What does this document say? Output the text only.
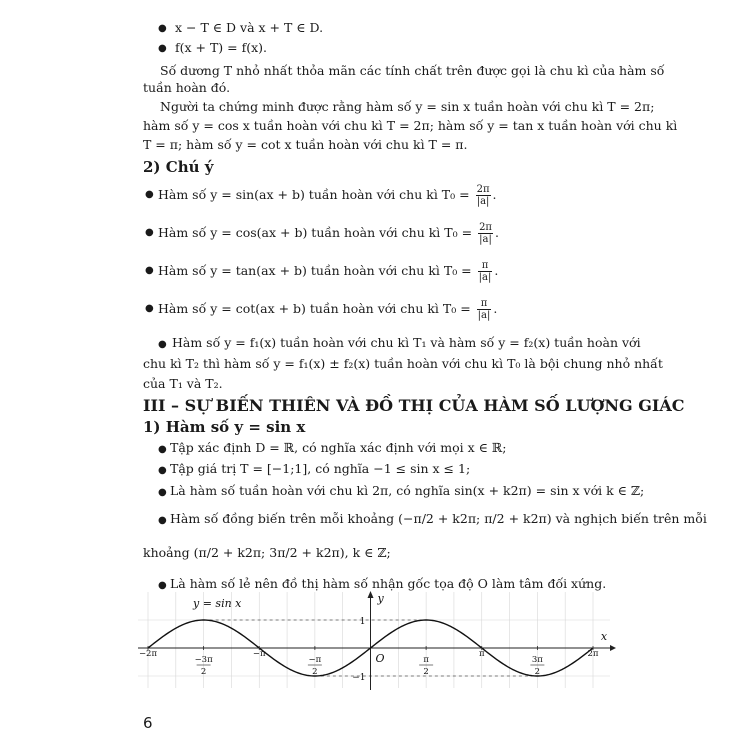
● x − T ∈ D và x + T ∈ D.
● f(x + T) = f(x).
Số dương T nhỏ nhất thỏa mãn các tính chất trên được gọi là chu kì của hàm số
tuần hoàn đó.
Người ta chứng minh được rằng hàm số y = sin x tuần hoàn với chu kì T = 2π;
hàm số y = cos x tuần hoàn với chu kì T = 2π; hàm số y = tan x tuần hoàn với chu kì
T = π; hàm số y = cot x tuần hoàn với chu kì T = π.
2) Chú ý
● Hàm số y = sin(ax + b) tuần hoàn với chu kì $T_0 = \frac{2\pi}{|a|}$ .
● Hàm số y = cos(ax + b) tuần hoàn với chu kì $T_0 = \frac{2\pi}{|a|}$ .
● Hàm số y = tan(ax + b) tuần hoàn với chu kì $T_0 = \frac{\pi}{|a|}$ .
● Hàm số y = cot(ax + b) tuần hoàn với chu kì $T_0 = \frac{\pi}{|a|}$ .
● Hàm số y = f₁(x) tuần hoàn với chu kì T₁ và hàm số y = f₂(x) tuần hoàn với
chu kì T₂ thì hàm số y = f₁(x) ± f₂(x) tuần hoàn với chu kì T₀ là bội chung nhỏ nhất
của T₁ và T₂.
III – SỰ BIẾN THIÊN VÀ ĐỒ THỊ CỦA HÀM SỐ LƯỢNG GIÁC
1) Hàm số y = sin x
● Tập xác định D = ℝ, có nghĩa xác định với mọi x ∈ ℝ;
● Tập giá trị T = [−1;1], có nghĩa −1 ≤ sin x ≤ 1;
● Là hàm số tuần hoàn với chu kì 2π, có nghĩa sin(x + k2π) = sin x với k ∈ ℤ;
● Hàm số đồng biến trên mỗi khoảng (−π/2 + k2π; π/2 + k2π) và nghịch biến trên mỗi
khoảng (π/2 + k2π; 3π/2 + k2π), k ∈ ℤ;
● Là hàm số lẻ nên đồ thị hàm số nhận gốc tọa độ O làm tâm đối xứng.
y = sin x	y
x
O
1
−1
−2π
−3π
2
−π
−π
2
π
2
π
3π
2
2π
6
